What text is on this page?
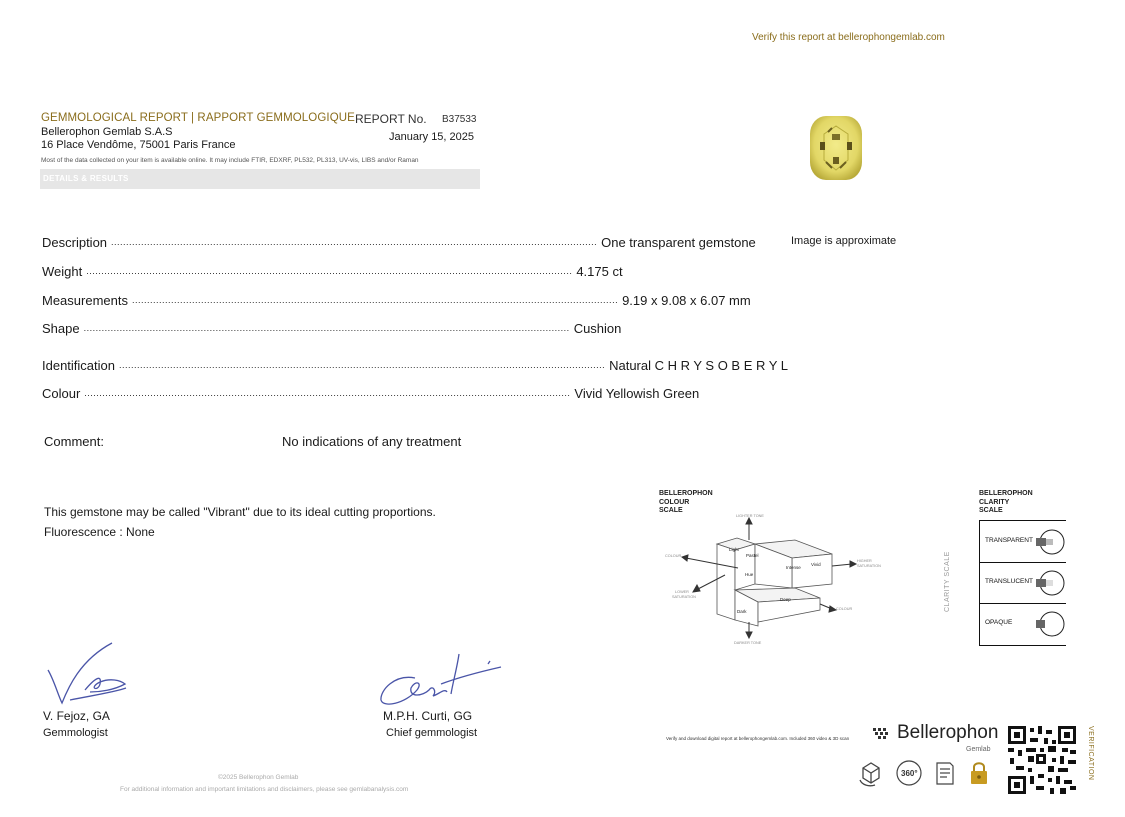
Verify this report at bellerophongemlab.com
GEMMOLOGICAL REPORT | RAPPORT GEMMOLOGIQUE REPORT No. B37533
Bellerophon Gemlab S.A.S
16 Place Vendôme, 75001 Paris France
January 15, 2025
Most of the data collected on your item is available online. It may include FTIR, EDXRF, PL532, PL313, UV-vis, LIBS and/or Raman
DETAILS & RESULTS
Description .................................................................................................................................................................. One transparent gemstone
Weight .................................................................................................................................................................. 4.175 ct
Measurements .................................................................................................................................................................. 9.19 x 9.08 x 6.07 mm
Shape .................................................................................................................................................................. Cushion
Identification .................................................................................................................................................................. Natural C H R Y S O B E R Y L
Colour .................................................................................................................................................................. Vivid Yellowish Green
Comment:	No indications of any treatment
This gemstone may be called "Vibrant" due to its ideal cutting proportions.
Fluorescence : None
V. Fejoz, GA
Gemmologist
M.P.H. Curti, GG
Chief gemmologist
©2025 Bellerophon Gemlab
For additional information and important limitations and disclaimers, please see gemlabanalysis.com
Image is approximate
BELLEROPHON
COLOUR
SCALE
Light
Pastel
Hue
Intense
Vivid
Dark
Deep
LIGHTER TONE
DARKER TONE
COLOUR
COLOUR
LOWER
SATURATION
HIGHER
SATURATION
BELLEROPHON
CLARITY
SCALE
CLARITY SCALE
TRANSPARENT
TRANSLUCENT
OPAQUE
Verify and download digital report at bellerophongemlab.com. Included 360 video & 3D scan	Bellerophon
Gemlab
360°	VERIFICATION
